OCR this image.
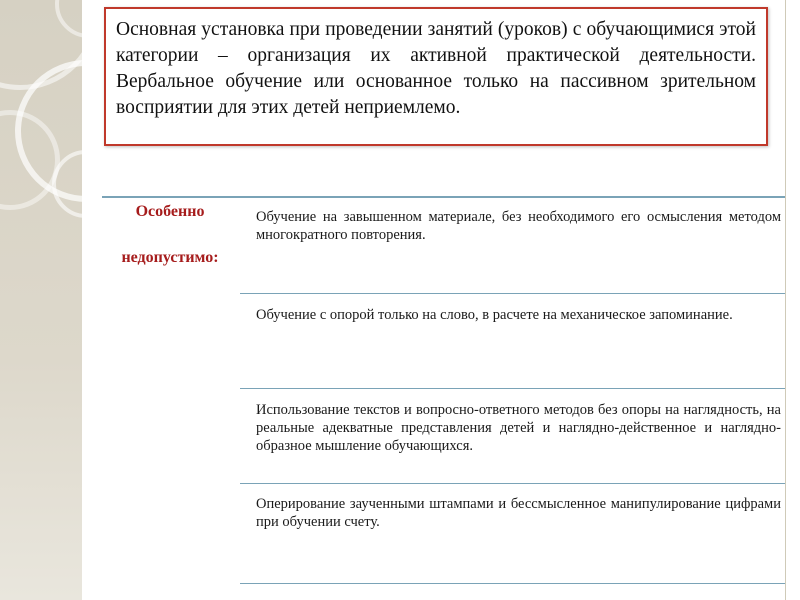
Основная установка при проведении занятий (уроков) с обучающимися этой категории – организация их активной практической деятельности. Вербальное обучение или основанное только на пассивном зрительном восприятии для этих детей неприемлемо.

Особенно
недопустимо:

Обучение на завышенном материале, без необходимого его осмысления методом многократного повторения.

Обучение с опорой только на слово, в расчете на механическое запоминание.

Использование текстов и вопросно-ответного методов без опоры на наглядность, на реальные адекватные представления детей и наглядно-действенное и наглядно-образное мышление обучающихся.

Оперирование заученными штампами и бессмысленное манипулирование цифрами при обучении счету.
